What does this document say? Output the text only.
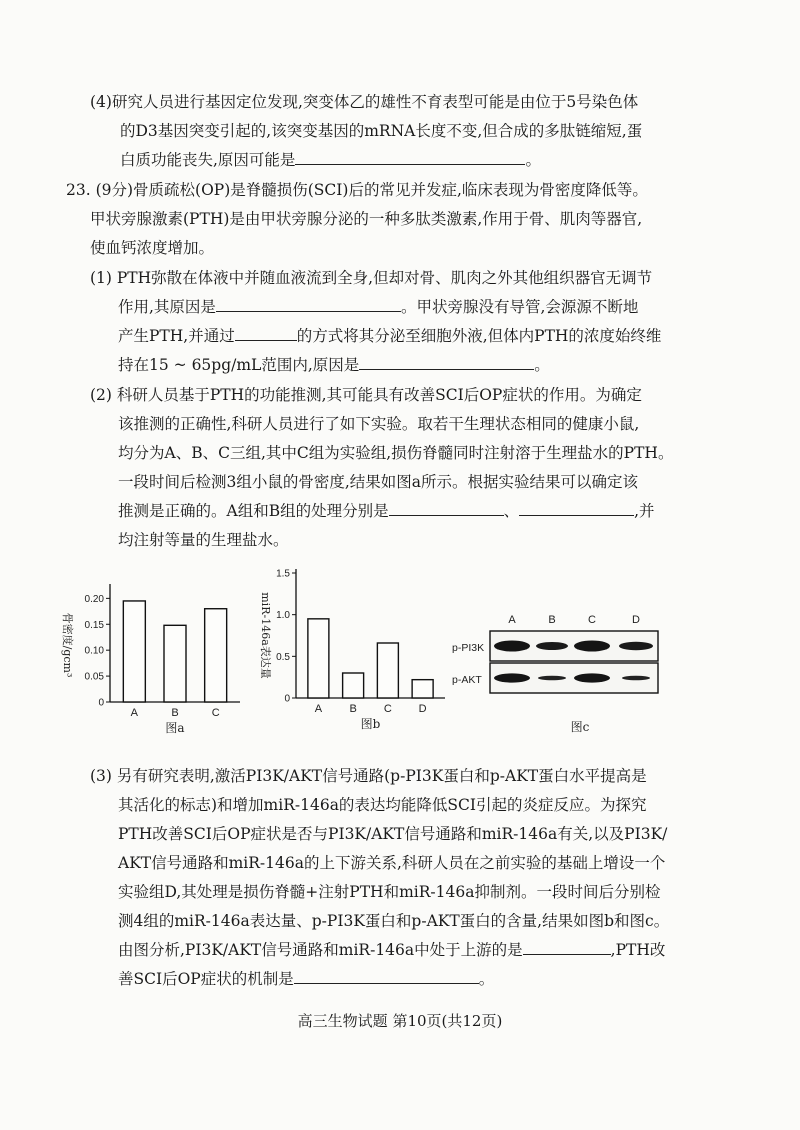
(4)研究人员进行基因定位发现,突变体乙的雄性不育表型可能是由位于5号染色体
的D3基因突变引起的,该突变基因的mRNA长度不变,但合成的多肽链缩短,蛋
白质功能丧失,原因可能是	。
23. (9分)骨质疏松(OP)是脊髓损伤(SCI)后的常见并发症,临床表现为骨密度降低等。
甲状旁腺激素(PTH)是由甲状旁腺分泌的一种多肽类激素,作用于骨、肌肉等器官,
使血钙浓度增加。
(1) PTH弥散在体液中并随血液流到全身,但却对骨、肌肉之外其他组织器官无调节
作用,其原因是	。甲状旁腺没有导管,会源源不断地
产生PTH,并通过	的方式将其分泌至细胞外液,但体内PTH的浓度始终维
持在15 ~ 65pg/mL范围内,原因是	。
(2) 科研人员基于PTH的功能推测,其可能具有改善SCI后OP症状的作用。为确定
该推测的正确性,科研人员进行了如下实验。取若干生理状态相同的健康小鼠,
均分为A、B、C三组,其中C组为实验组,损伤脊髓同时注射溶于生理盐水的PTH。
一段时间后检测3组小鼠的骨密度,结果如图a所示。根据实验结果可以确定该
推测是正确的。A组和B组的处理分别是	、	,并
均注射等量的生理盐水。
0.20
0.15
0.10
0.05
0
A	B	C
骨密度/gcm³
图a
1.5
1.0
0.5
0
A B C D
miR-146a表达量
图b
A	B	C	D
p-PI3K
p-AKT
图c
(3) 另有研究表明,激活PI3K/AKT信号通路(p-PI3K蛋白和p-AKT蛋白水平提高是
其活化的标志)和增加miR-146a的表达均能降低SCI引起的炎症反应。为探究
PTH改善SCI后OP症状是否与PI3K/AKT信号通路和miR-146a有关,以及PI3K/
AKT信号通路和miR-146a的上下游关系,科研人员在之前实验的基础上增设一个
实验组D,其处理是损伤脊髓+注射PTH和miR-146a抑制剂。一段时间后分别检
测4组的miR-146a表达量、p-PI3K蛋白和p-AKT蛋白的含量,结果如图b和图c。
由图分析,PI3K/AKT信号通路和miR-146a中处于上游的是	,PTH改
善SCI后OP症状的机制是	。
高三生物试题 第10页(共12页)
